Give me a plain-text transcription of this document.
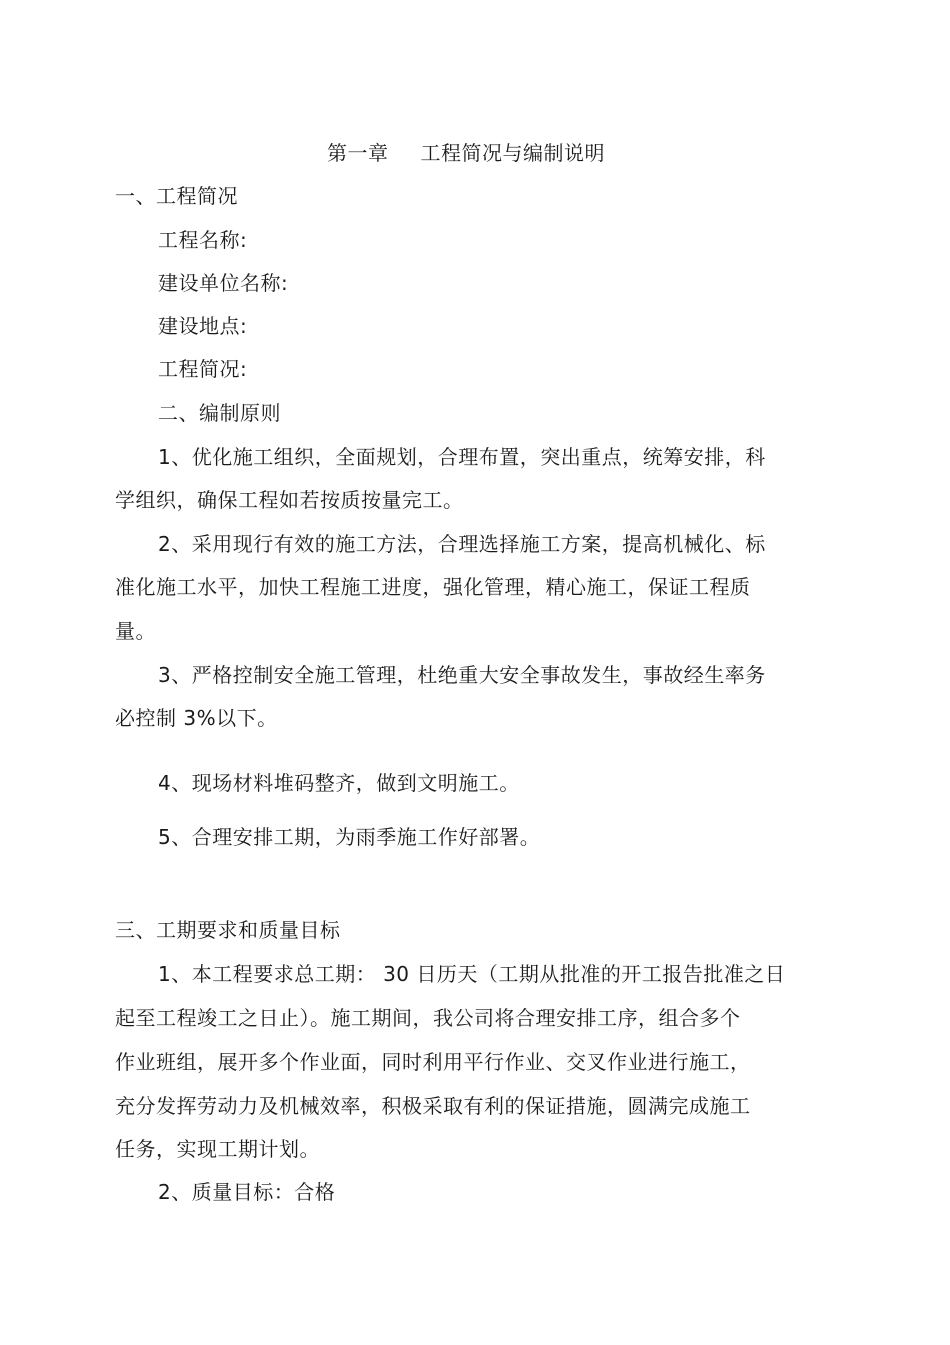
第一章 工程简况与编制说明
一、工程简况
工程名称:
建设单位名称:
建设地点:
工程简况:
二、编制原则
1、优化施工组织，全面规划，合理布置，突出重点，统筹安排，科
学组织，确保工程如若按质按量完工。
2、采用现行有效的施工方法，合理选择施工方案，提高机械化、标
准化施工水平，加快工程施工进度，强化管理，精心施工，保证工程质
量。
3、严格控制安全施工管理，杜绝重大安全事故发生，事故经生率务
必控制 3%以下。
4、现场材料堆码整齐，做到文明施工。
5、合理安排工期，为雨季施工作好部署。
三、工期要求和质量目标
1、本工程要求总工期： 30 日历天（工期从批准的开工报告批准之日
起至工程竣工之日止）。施工期间，我公司将合理安排工序，组合多个
作业班组，展开多个作业面，同时利用平行作业、交叉作业进行施工，
充分发挥劳动力及机械效率，积极采取有利的保证措施，圆满完成施工
任务，实现工期计划。
2、质量目标：合格
